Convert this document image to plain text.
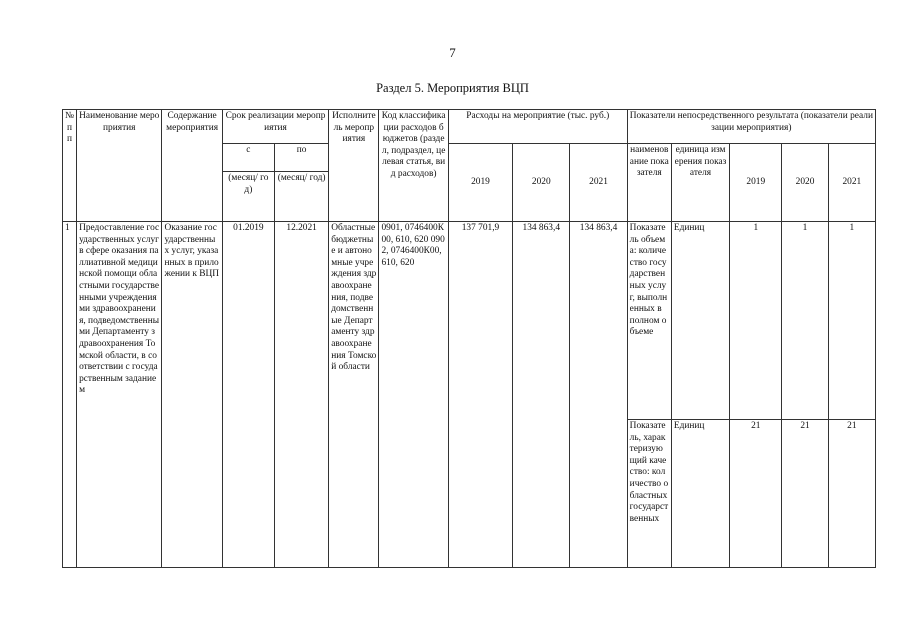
7
Раздел 5. Мероприятия ВЦП
№ пп	Наименование мероприятия	Содержание мероприятия	Срок реализации мероприятия		Исполнитель мероприятия	Код классификации расходов бюджетов (раздел, подраздел, целевая статья, вид расходов)	Расходы на мероприятие (тыс. руб.)			Показатели непосредственного результата (показатели реализации мероприятия)				
			с	по			2019	2020	2021	наименование показателя	единица измерения показателя	2019	2020	2021
			(месяц/ год)	(месяц/ год)										
1	Предоставление государственных услуг в сфере оказания паллиативной медицинской помощи областными государственными учреждениями здравоохранения, подведомственными Департаменту здравоохранения Томской области, в соответствии с государственным заданием	Оказание государственных услуг, указанных в приложении к ВЦП	01.2019	12.2021	Областные бюджетные и автономные учреждения здравоохранения, подведомственные Департаменту здравоохранения Томской области	0901, 0746400К00, 610, 620 0902, 0746400К00, 610, 620	137 701,9	134 863,4	134 863,4	Показатель объема: количество государственных услуг, выполненных в полном объеме	Единиц	1	1	1
										Показатель, характеризующий качество: количество областных государственных	Единиц	21	21	21
